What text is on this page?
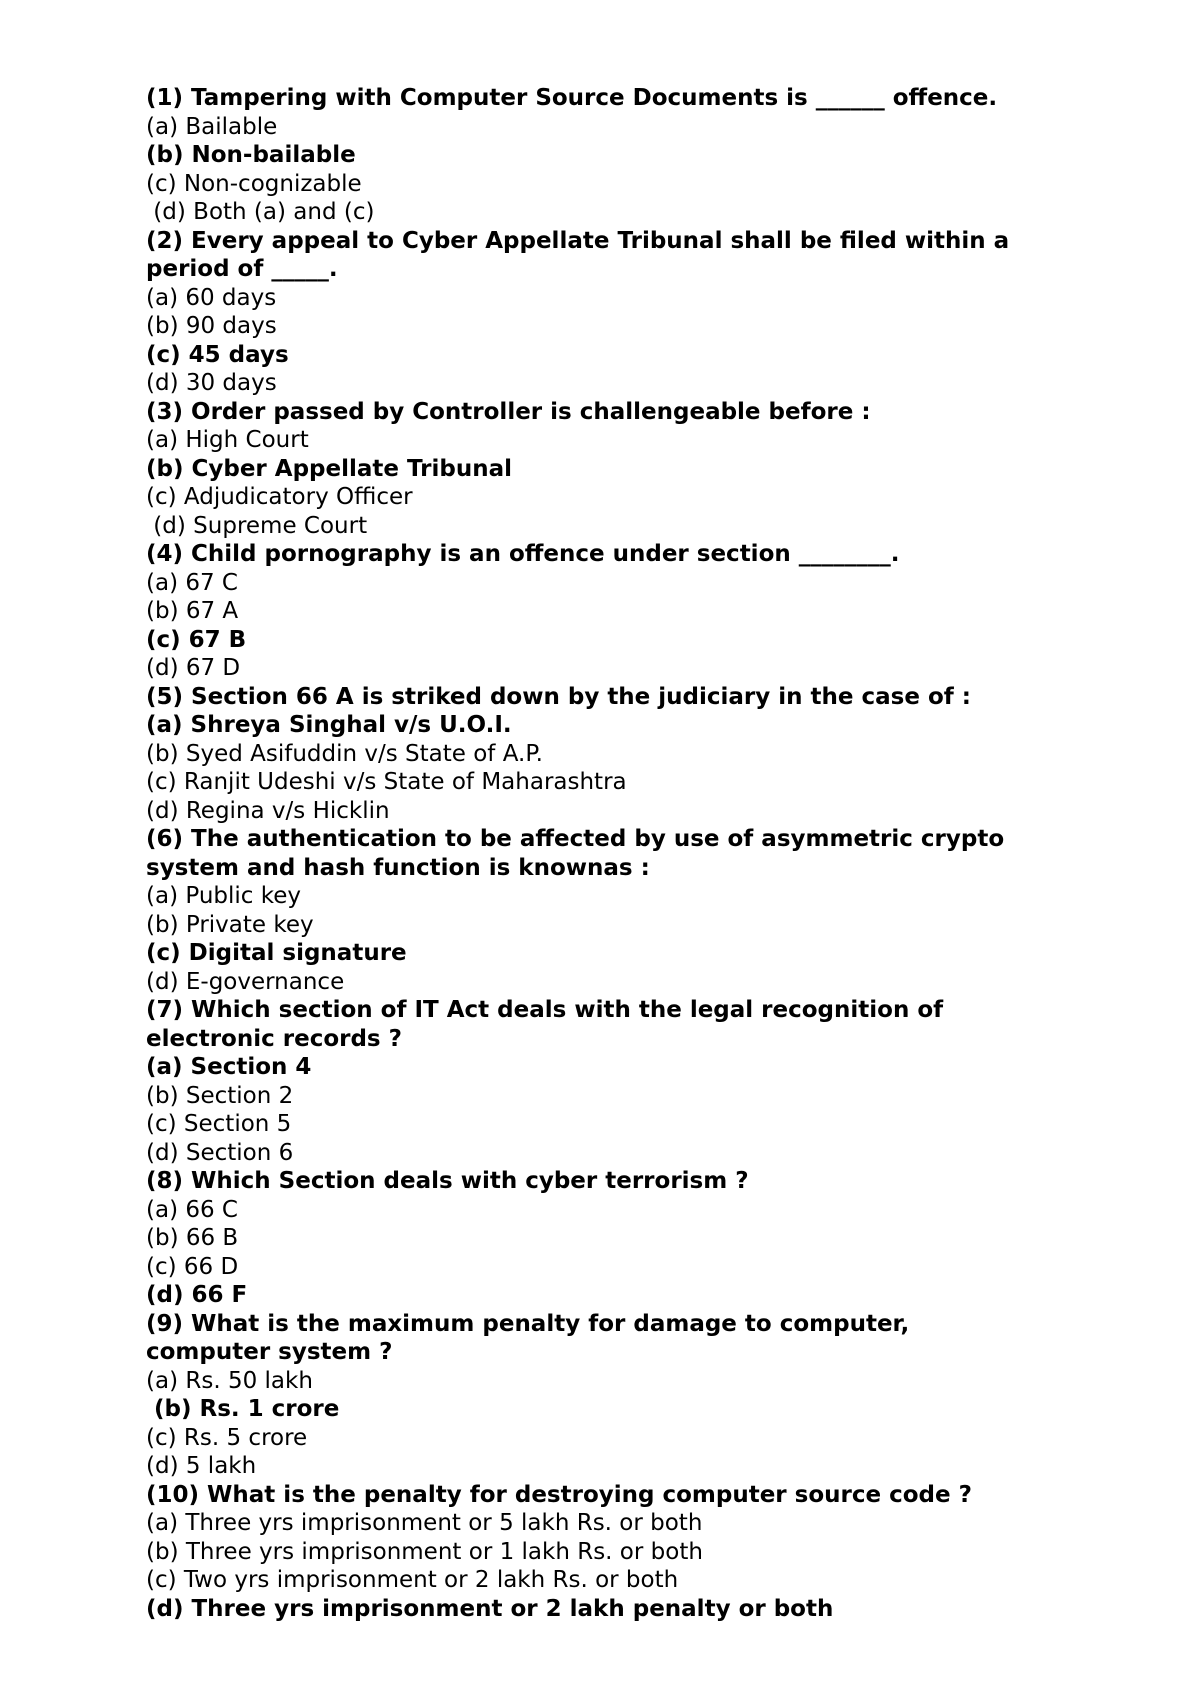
(1) Tampering with Computer Source Documents is ______ offence.
(a) Bailable
(b) Non-bailable
(c) Non-cognizable
(d) Both (a) and (c)
(2) Every appeal to Cyber Appellate Tribunal shall be filed within a
period of _____.
(a) 60 days
(b) 90 days
(c) 45 days
(d) 30 days
(3) Order passed by Controller is challengeable before :
(a) High Court
(b) Cyber Appellate Tribunal
(c) Adjudicatory Officer
(d) Supreme Court
(4) Child pornography is an offence under section ________.
(a) 67 C
(b) 67 A
(c) 67 B
(d) 67 D
(5) Section 66 A is striked down by the judiciary in the case of :
(a) Shreya Singhal v/s U.O.I.
(b) Syed Asifuddin v/s State of A.P.
(c) Ranjit Udeshi v/s State of Maharashtra
(d) Regina v/s Hicklin
(6) The authentication to be affected by use of asymmetric crypto
system and hash function is knownas :
(a) Public key
(b) Private key
(c) Digital signature
(d) E-governance
(7) Which section of IT Act deals with the legal recognition of
electronic records ?
(a) Section 4
(b) Section 2
(c) Section 5
(d) Section 6
(8) Which Section deals with cyber terrorism ?
(a) 66 C
(b) 66 B
(c) 66 D
(d) 66 F
(9) What is the maximum penalty for damage to computer,
computer system ?
(a) Rs. 50 lakh
(b) Rs. 1 crore
(c) Rs. 5 crore
(d) 5 lakh
(10) What is the penalty for destroying computer source code ?
(a) Three yrs imprisonment or 5 lakh Rs. or both
(b) Three yrs imprisonment or 1 lakh Rs. or both
(c) Two yrs imprisonment or 2 lakh Rs. or both
(d) Three yrs imprisonment or 2 lakh penalty or both
